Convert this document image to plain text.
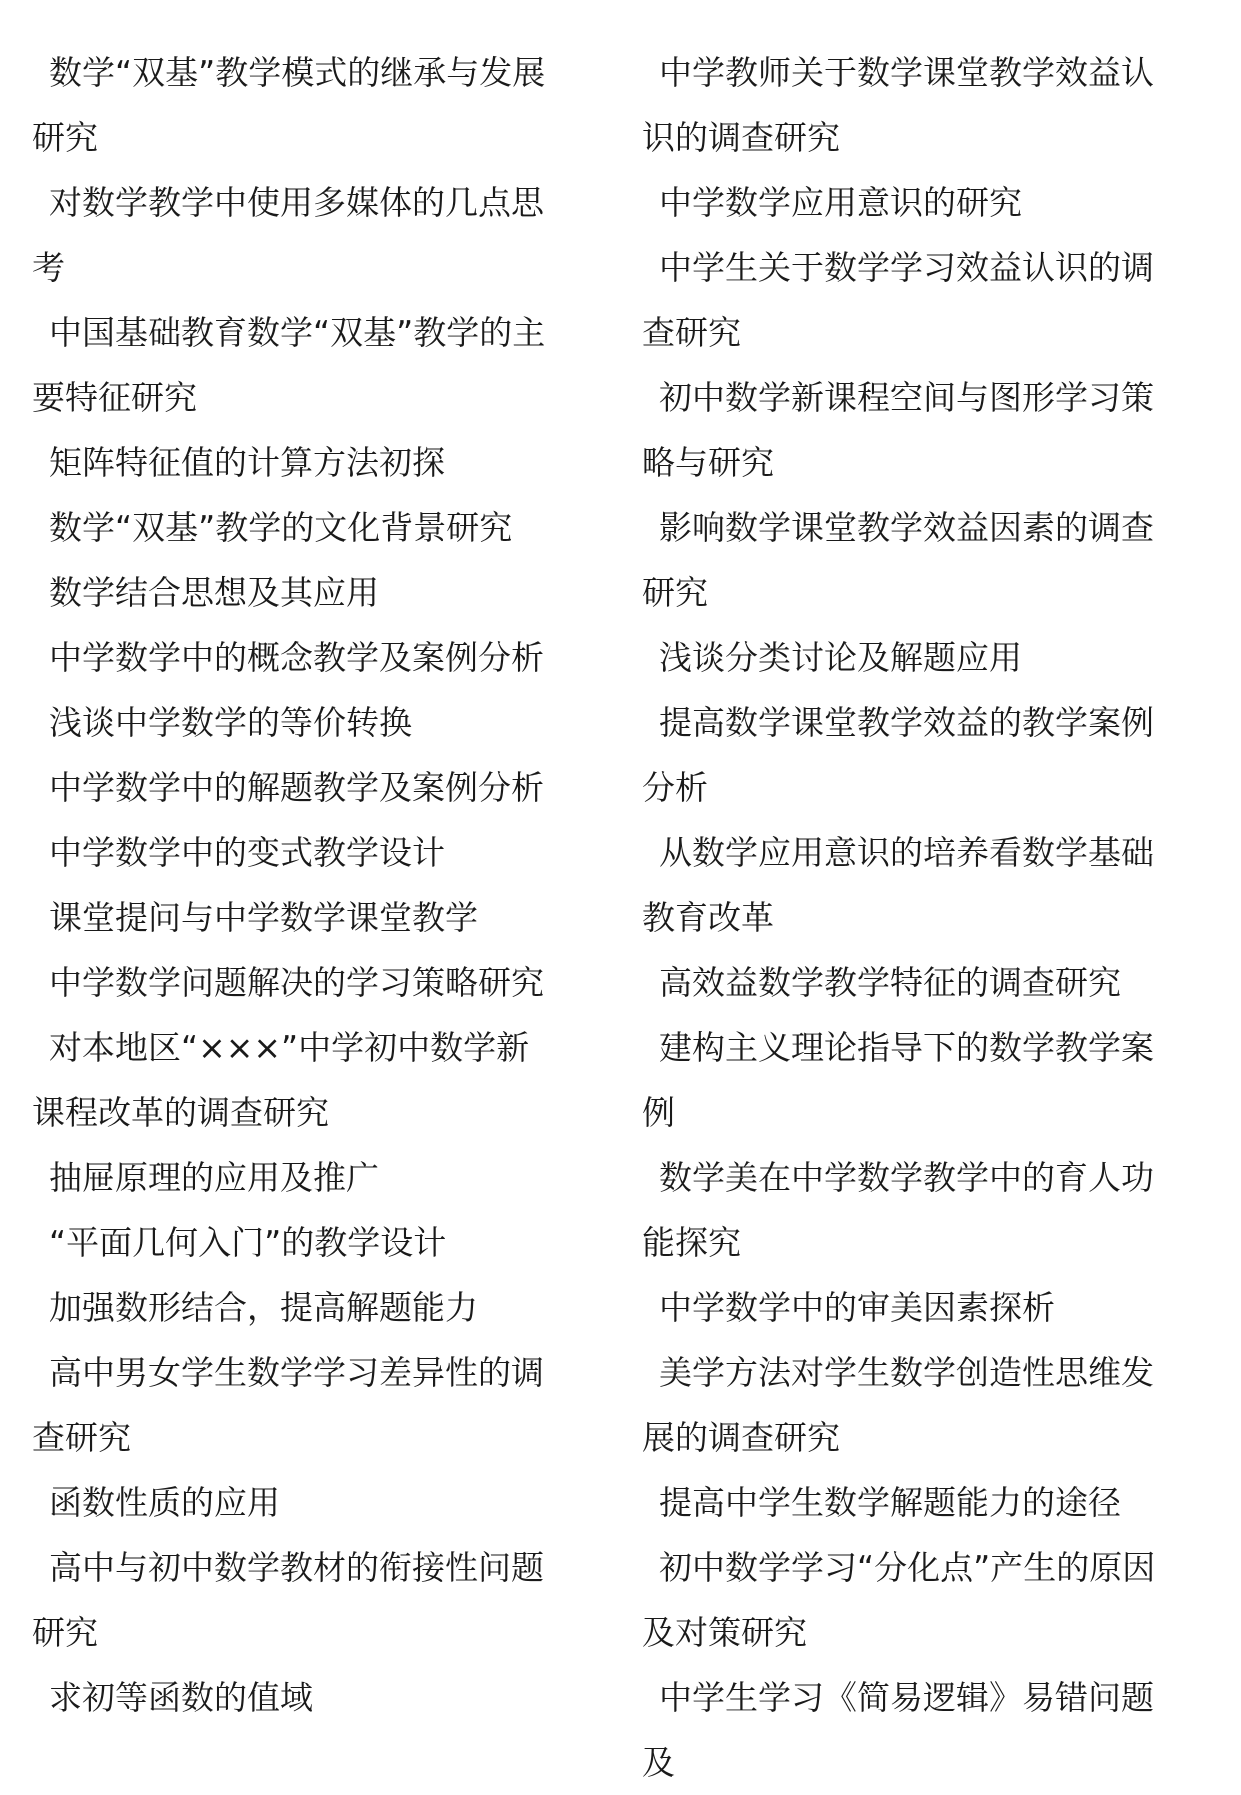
数学“双基”教学模式的继承与发展研究

对数学教学中使用多媒体的几点思考

中国基础教育数学“双基”教学的主要特征研究

矩阵特征值的计算方法初探

数学“双基”教学的文化背景研究

数学结合思想及其应用

中学数学中的概念教学及案例分析

浅谈中学数学的等价转换

中学数学中的解题教学及案例分析

中学数学中的变式教学设计

课堂提问与中学数学课堂教学

中学数学问题解决的学习策略研究

对本地区“×××”中学初中数学新课程改革的调查研究

抽屉原理的应用及推广

“平面几何入门”的教学设计

加强数形结合，提高解题能力

高中男女学生数学学习差异性的调查研究

函数性质的应用

高中与初中数学教材的衔接性问题研究

求初等函数的值域

中学教师关于数学课堂教学效益认识的调查研究

中学数学应用意识的研究

中学生关于数学学习效益认识的调查研究

初中数学新课程空间与图形学习策略与研究

影响数学课堂教学效益因素的调查研究

浅谈分类讨论及解题应用

提高数学课堂教学效益的教学案例分析

从数学应用意识的培养看数学基础教育改革

高效益数学教学特征的调查研究

建构主义理论指导下的数学教学案例

数学美在中学数学教学中的育人功能探究

中学数学中的审美因素探析

美学方法对学生数学创造性思维发展的调查研究

提高中学生数学解题能力的途径

初中数学学习“分化点”产生的原因及对策研究

中学生学习《简易逻辑》易错问题及
